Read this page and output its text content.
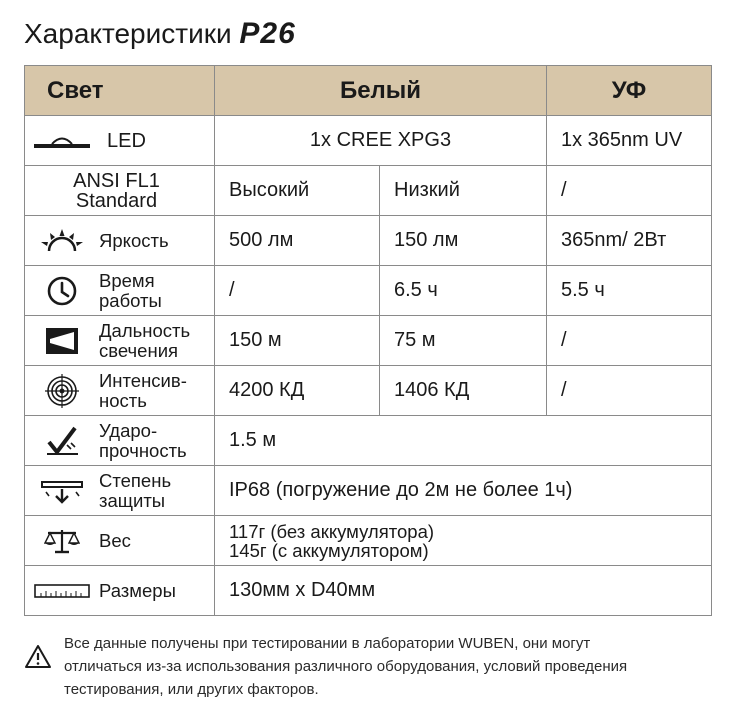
Характеристики P26
Свет	Белый		УФ

LED	1x CREE XPG3		1x 365nm UV

ANSI FL1
Standard	Высокий	Низкий	/

Яркость	500 лм	150 лм	365nm/ 2Вт

Время
работы	/	6.5 ч	5.5 ч

Дальность
свечения	150 м	75 м	/

Интенсив-
ность	4200 КД	1406 КД	/

Ударо-
прочность	1.5 м		

Степень
защиты	IP68 (погружение до 2м не более 1ч)		

Вес	117г (без аккумулятора)
145г (с аккумулятором)		

Размеры	130мм x D40мм		
Все данные получены при тестировании в лаборатории WUBEN, они могут
отличаться из-за использования различного оборудования, условий проведения
тестирования, или других факторов.
